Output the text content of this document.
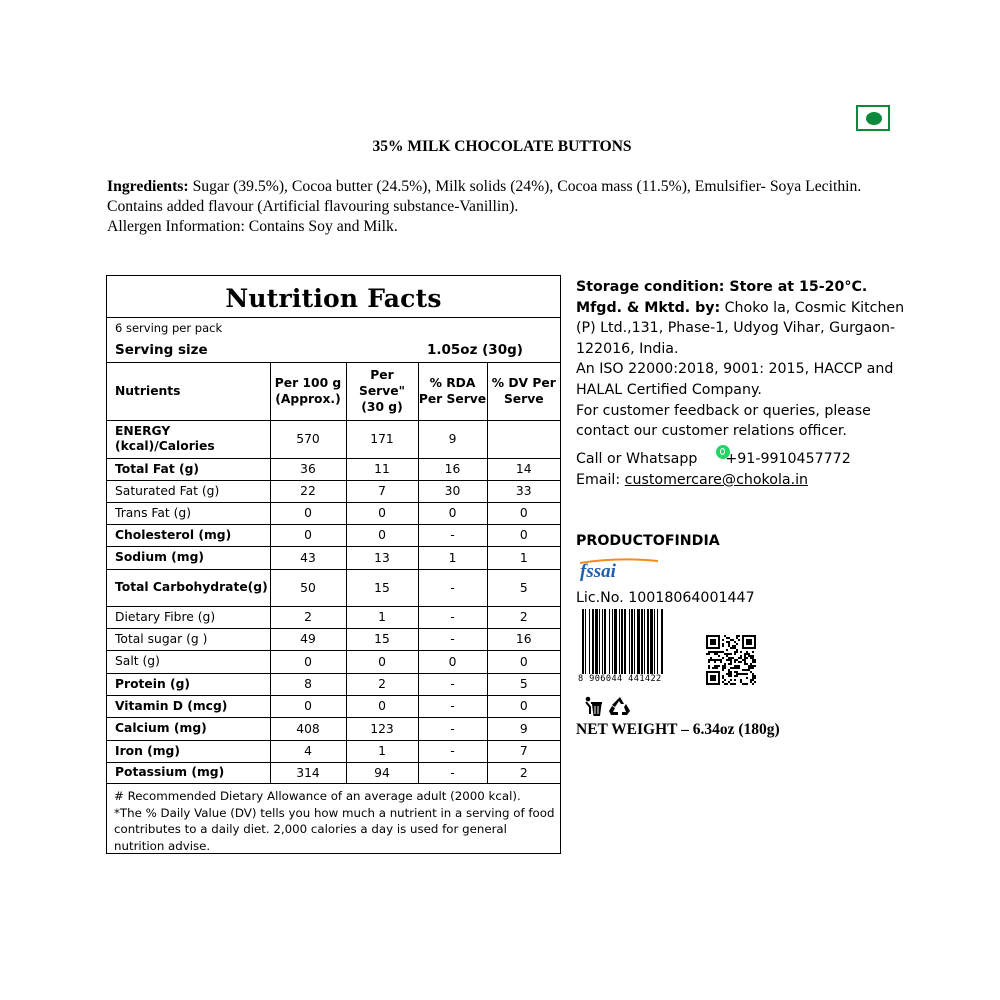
35% MILK CHOCOLATE BUTTONS

Ingredients: Sugar (39.5%), Cocoa butter (24.5%), Milk solids (24%), Cocoa mass (11.5%), Emulsifier- Soya Lecithin.

Contains added flavour (Artificial flavouring substance-Vanillin).

Allergen Information: Contains Soy and Milk.

Nutrition Facts
6 serving per pack
Serving size	1.05oz (30g)
Nutrients	Per 100 g (Approx.)	Per Serve" (30 g)	% RDA Per Serve	% DV Per Serve
ENERGY (kcal)/Calories	570	171	9	
Total Fat (g)	36	11	16	14
Saturated Fat (g)	22	7	30	33
Trans Fat (g)	0	0	0	0
Cholesterol (mg)	0	0	-	0
Sodium (mg)	43	13	1	1
Total Carbohydrate(g)	50	15	-	5
Dietary Fibre (g)	2	1	-	2
Total sugar (g )	49	15	-	16
Salt (g)	0	0	0	0
Protein (g)	8	2	-	5
Vitamin D (mcg)	0	0	-	0
Calcium (mg)	408	123	-	9
Iron (mg)	4	1	-	7
Potassium (mg)	314	94	-	2
# Recommended Dietary Allowance of an average adult (2000 kcal).
*The % Daily Value (DV) tells you how much a nutrient in a serving of food contributes to a daily diet. 2,000 calories a day is used for general nutrition advise.

Storage condition: Store at 15-20°C.

Mfgd. & Mktd. by: Choko la, Cosmic Kitchen (P) Ltd.,131, Phase-1, Udyog Vihar, Gurgaon-122016, India.

An ISO 22000:2018, 9001: 2015, HACCP and HALAL Certified Company.

For customer feedback or queries, please contact our customer relations officer.

Call or Whatsapp +91-9910457772
Email: customercare@chokola.in
PRODUCTOFINDIA
fssai
Lic.No. 10018064001447
8 906044 441422
NET WEIGHT – 6.34oz (180g)
